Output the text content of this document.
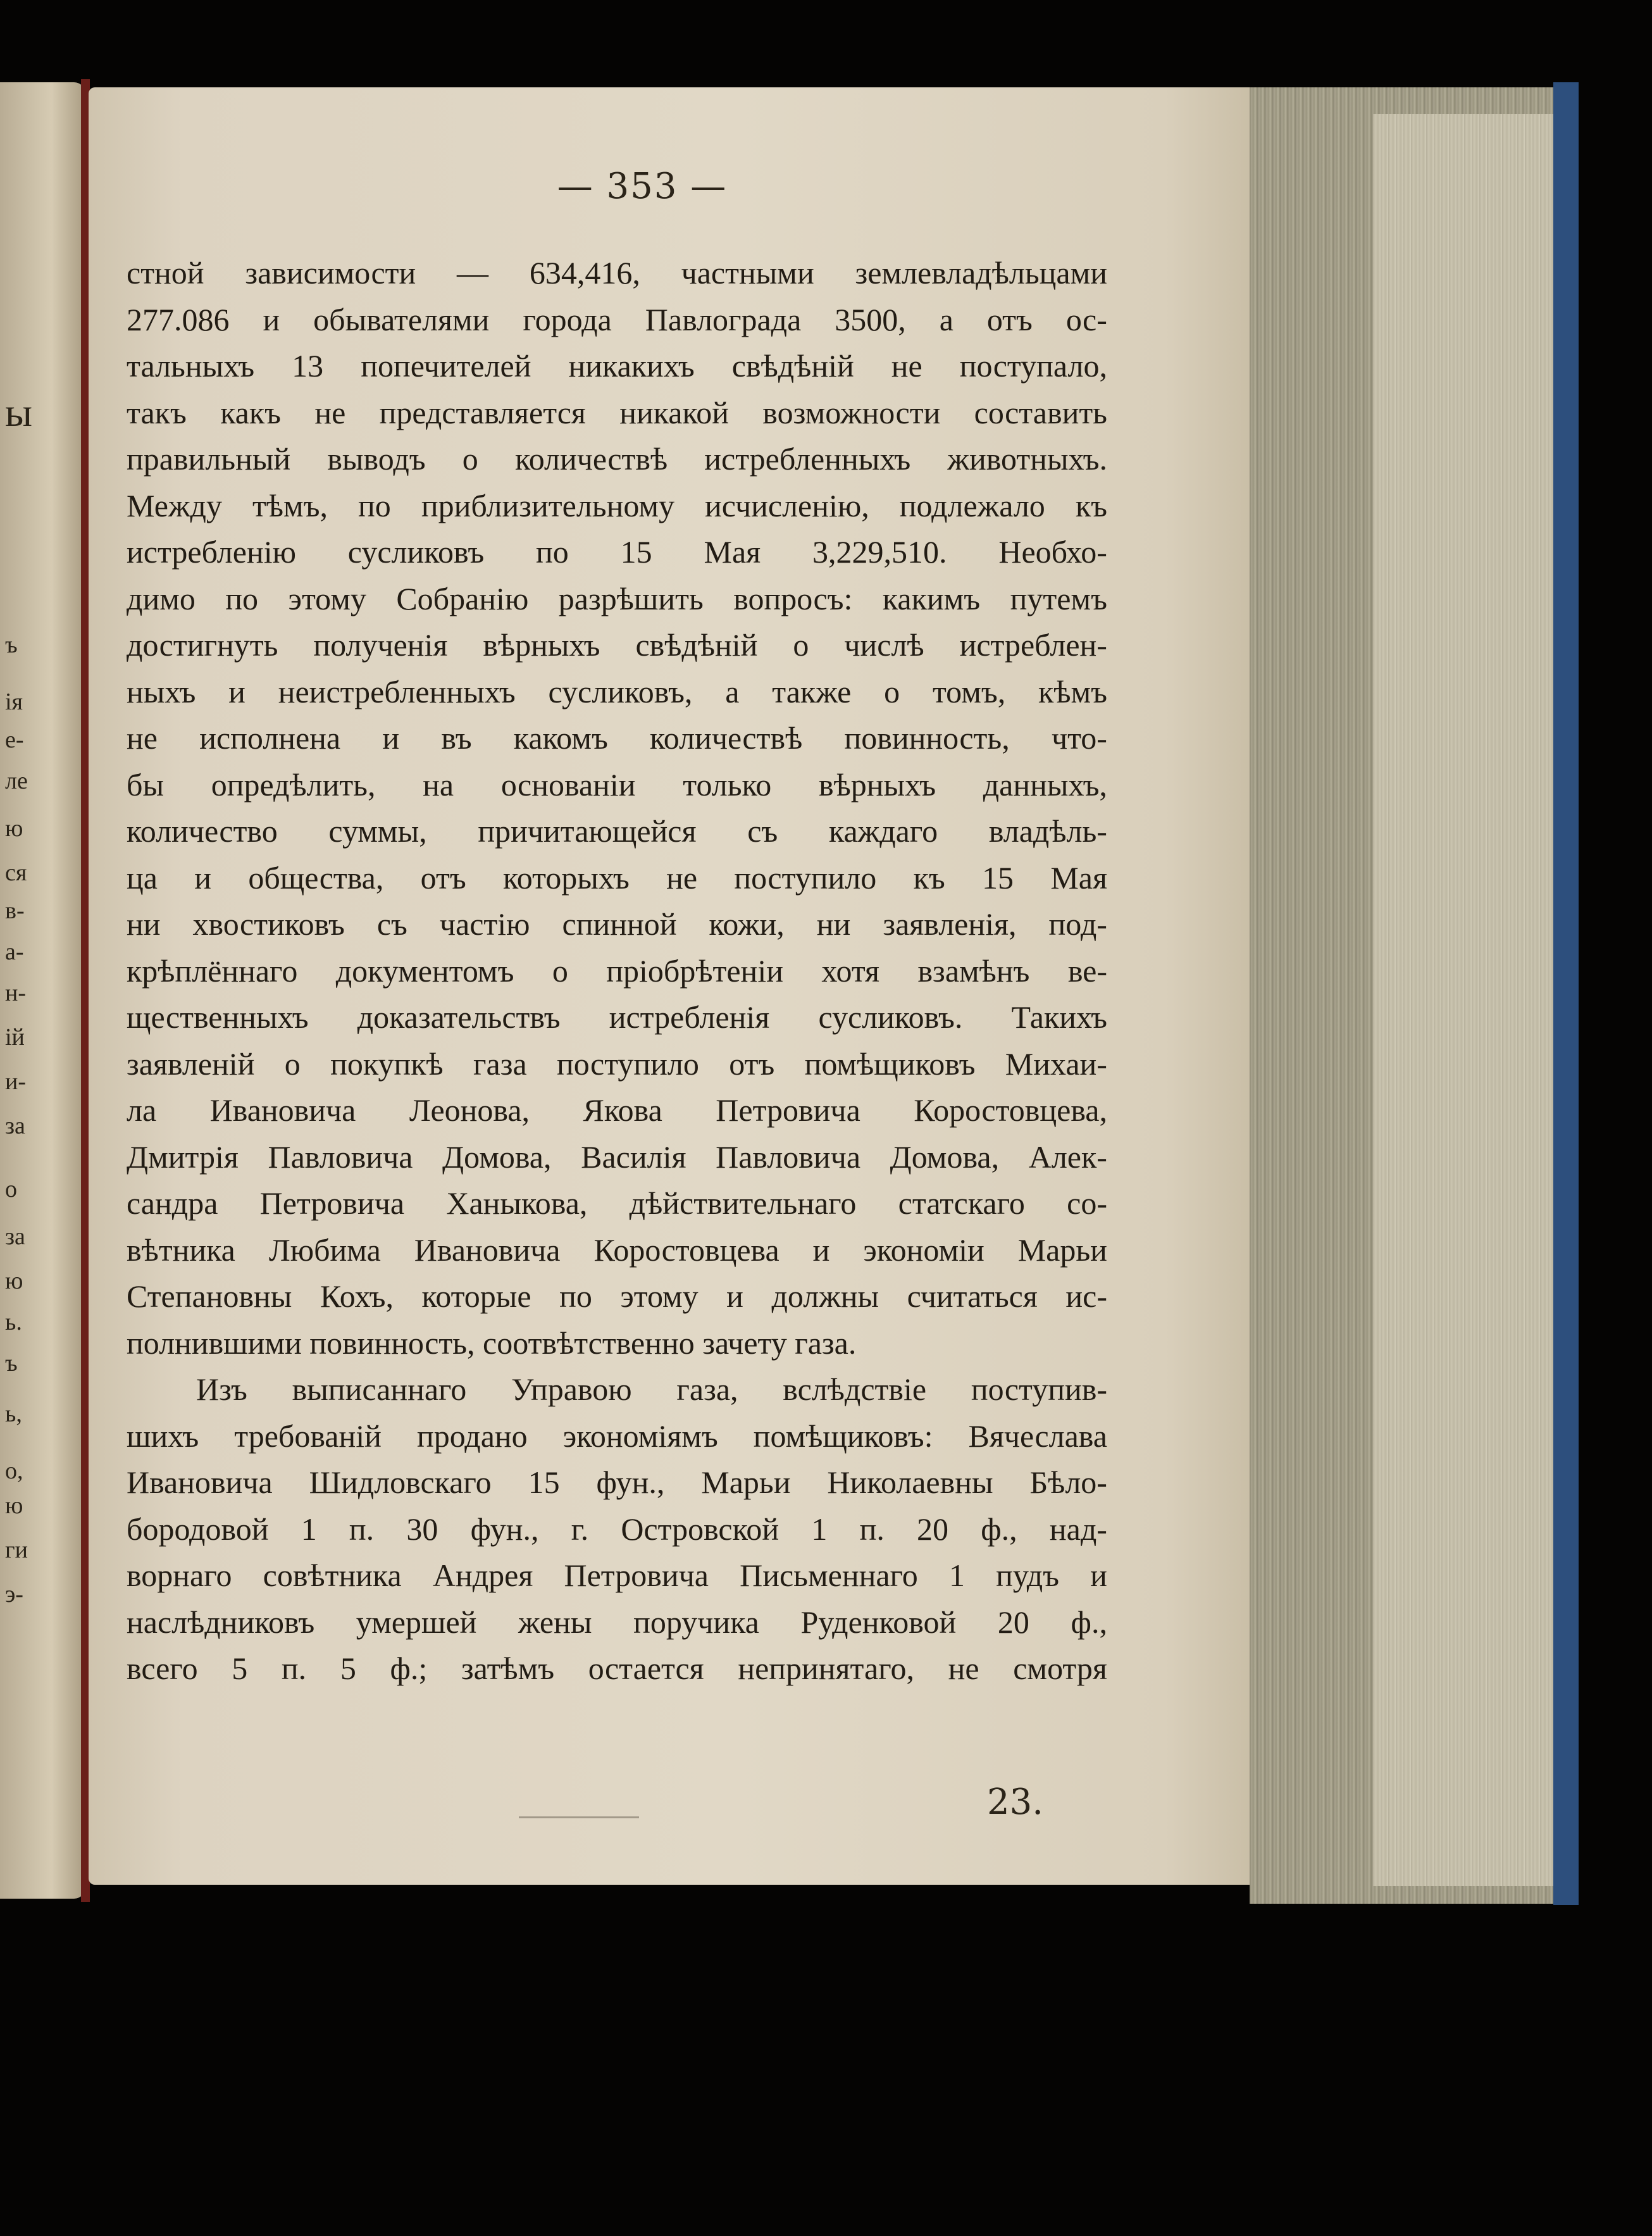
ы
ъ
ія
е-
ле
ю
ся
в-
а-
н-
ій
и-
за
о
за
ю
ь.
ъ
ь,
о,
ю
ги
э-
— 353 —
стной зависимости — 634,416, частными землевладѣльцами
277.086 и обывателями города Павлограда 3500, а отъ ос-
тальныхъ 13 попечителей никакихъ свѣдѣній не поступало,
такъ какъ не представляется никакой возможности составить
правильный выводъ о количествѣ истребленныхъ животныхъ.
Между тѣмъ, по приблизительному исчисленію, подлежало къ
истребленію сусликовъ по 15 Мая 3,229,510. Необхо-
димо по этому Собранію разрѣшить вопросъ: какимъ путемъ
достигнуть полученія вѣрныхъ свѣдѣній о числѣ истреблен-
ныхъ и неистребленныхъ сусликовъ, а также о томъ, кѣмъ
не исполнена и въ какомъ количествѣ повинность, что-
бы опредѣлить, на основаніи только вѣрныхъ данныхъ,
количество суммы, причитающейся съ каждаго владѣль-
ца и общества, отъ которыхъ не поступило къ 15 Мая
ни хвостиковъ съ частію спинной кожи, ни заявленія, под-
крѣплённаго документомъ о пріобрѣтеніи хотя взамѣнъ ве-
щественныхъ доказательствъ истребленія сусликовъ. Такихъ
заявленій о покупкѣ газа поступило отъ помѣщиковъ Михаи-
ла Ивановича Леонова, Якова Петровича Коростовцева,
Дмитрія Павловича Домова, Василія Павловича Домова, Алек-
сандра Петровича Ханыкова, дѣйствительнаго статскаго со-
вѣтника Любима Ивановича Коростовцева и экономіи Марьи
Степановны Кохъ, которые по этому и должны считаться ис-
полнившими повинность, соотвѣтственно зачету газа.
Изъ выписаннаго Управою газа, вслѣдствіе поступив-
шихъ требованій продано экономіямъ помѣщиковъ: Вячеслава
Ивановича Шидловскаго 15 фун., Марьи Николаевны Бѣло-
бородовой 1 п. 30 фун., г. Островской 1 п. 20 ф., над-
ворнаго совѣтника Андрея Петровича Письменнаго 1 пудъ и
наслѣдниковъ умершей жены поручика Руденковой 20 ф.,
всего 5 п. 5 ф.; затѣмъ остается непринятаго, не смотря
23.
